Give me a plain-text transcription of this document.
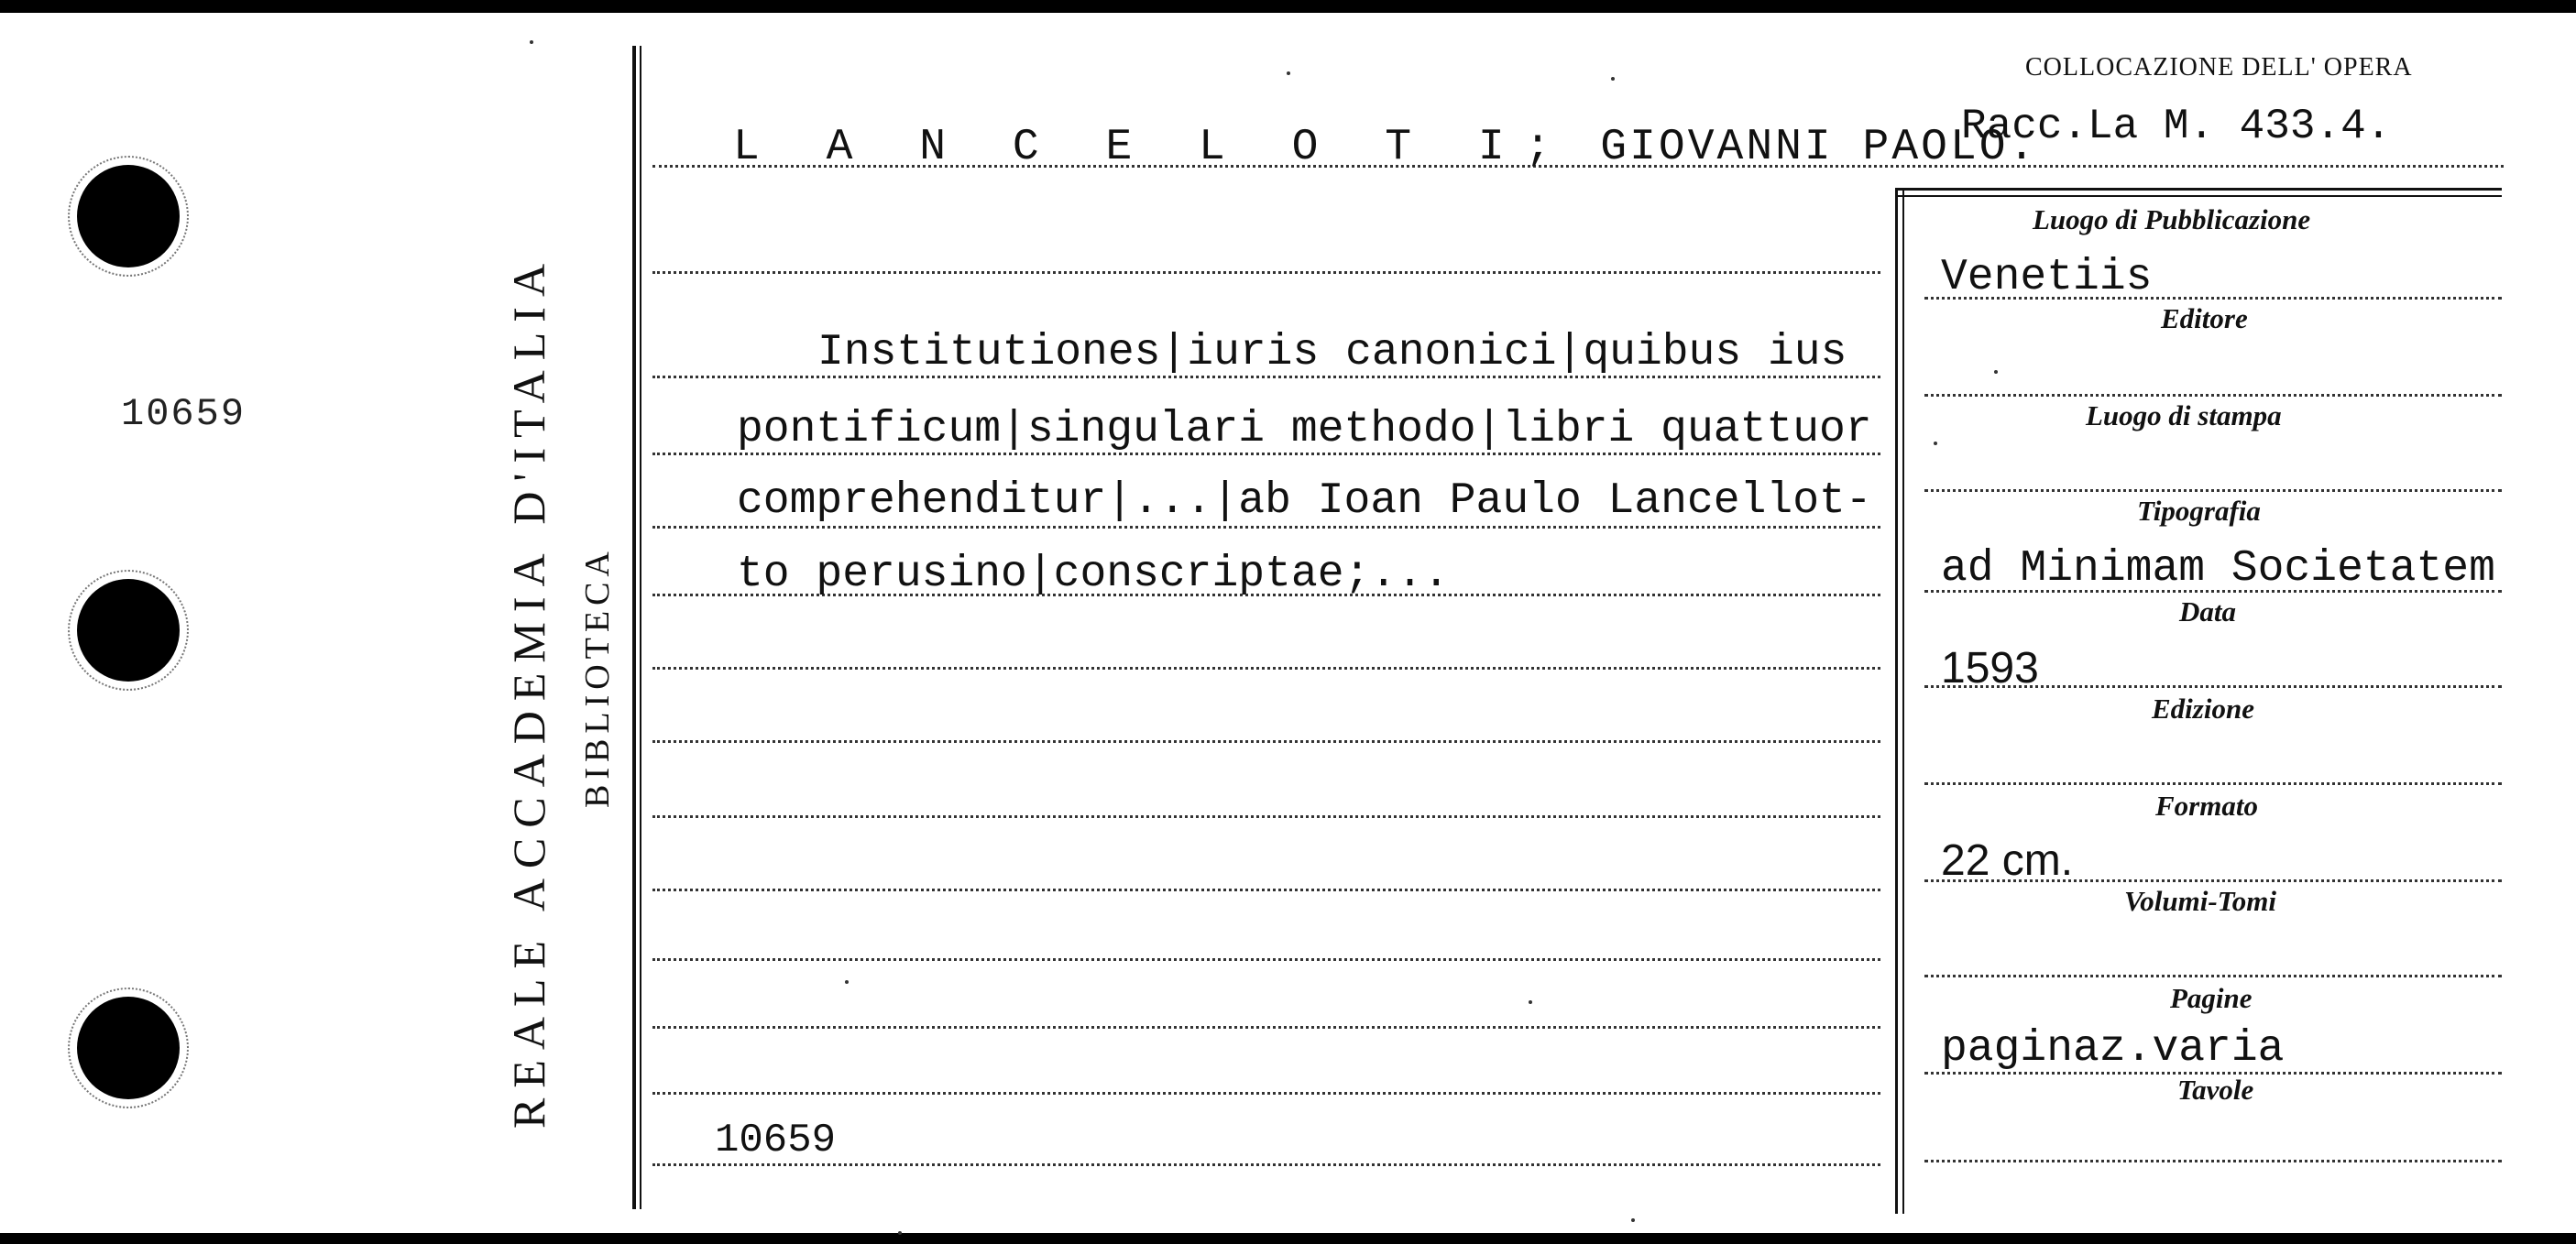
10659	REALE ACCADEMIA D'ITALIA BIBLIOTECA
COLLOCAZIONE DELL' OPERA
Racc.La M. 433.4.
L A N C E L O T I; GIOVANNI PAOLO.
Institutiones|iuris canonici|quibus ius
pontificum|singulari methodo|libri quattuor
comprehenditur|...|ab Ioan Paulo Lancellot-
to perusino|conscriptae;...
10659
Luogo di Pubblicazione
Venetiis
Editore
Luogo di stampa
Tipografia
ad Minimam Societatem
Data
1593
Edizione
Formato
22 cm.
Volumi-Tomi
Pagine
paginaz.varia
Tavole
